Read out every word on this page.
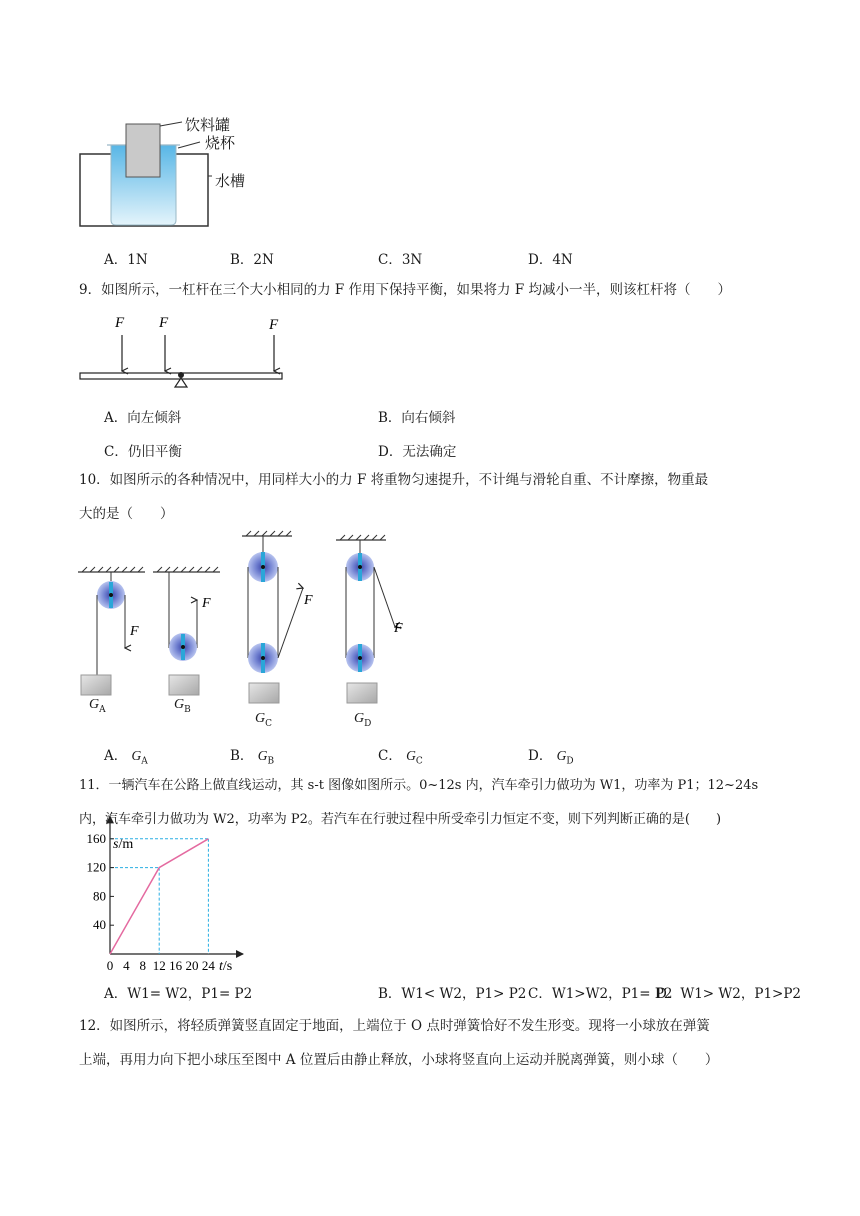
饮料罐
烧杯
水槽
A．1N	B．2N	C．3N	D．4N
9．如图所示，一杠杆在三个大小相同的力 F 作用下保持平衡，如果将力 F 均减小一半，则该杠杆将（　　）
F F	F
A．向左倾斜	B．向右倾斜
C．仍旧平衡	D．无法确定
10．如图所示的各种情况中，用同样大小的力 F 将重物匀速提升，不计绳与滑轮自重、不计摩擦，物重最
大的是（　　）
F
F	F
F
$G_A$	$G_B$
$G_C$	$G_D$
A． $G_A$	B． $G_B$	C． $G_C$	D． $G_D$
11．一辆汽车在公路上做直线运动，其 s-t 图像如图所示。0~12s 内，汽车牵引力做功为 W1，功率为 P1；12~24s
内，汽车牵引力做功为 W2，功率为 P2。若汽车在行驶过程中所受牵引力恒定不变，则下列判断正确的是(　　)
0 4 8 12 16 20 24
40
80
120
160 s/m
t/s
A．W1= W2，P1= P2	B．W1< W2，P1> P2 C．W1>W2，P1= P2
D．W1> W2，P1>P2
12．如图所示，将轻质弹簧竖直固定于地面，上端位于 O 点时弹簧恰好不发生形变。现将一小球放在弹簧
上端，再用力向下把小球压至图中 A 位置后由静止释放，小球将竖直向上运动并脱离弹簧，则小球（　　）
